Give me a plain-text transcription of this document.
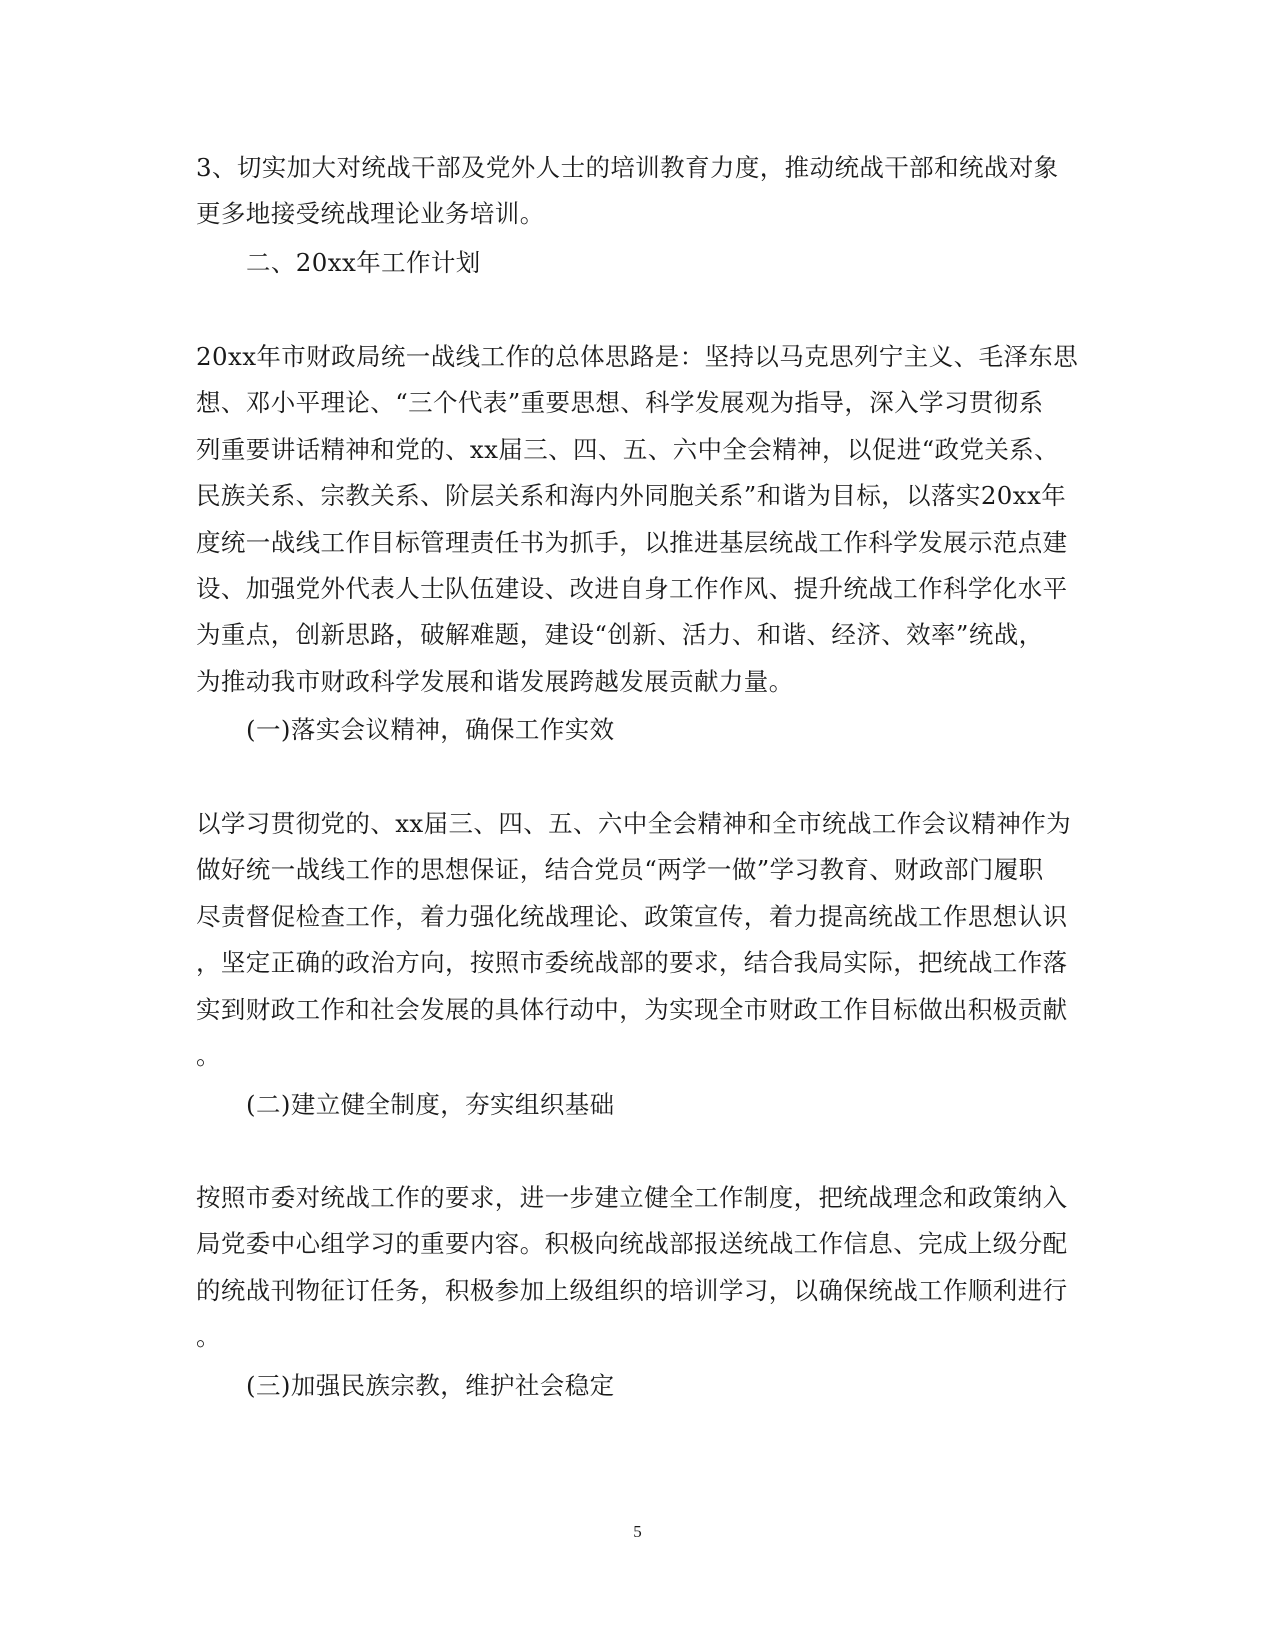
3、切实加大对统战干部及党外人士的培训教育力度，推动统战干部和统战对象
更多地接受统战理论业务培训。
二、20xx年工作计划
20xx年市财政局统一战线工作的总体思路是：坚持以马克思列宁主义、毛泽东思
想、邓小平理论、“三个代表”重要思想、科学发展观为指导，深入学习贯彻系
列重要讲话精神和党的、xx届三、四、五、六中全会精神，以促进“政党关系、
民族关系、宗教关系、阶层关系和海内外同胞关系”和谐为目标，以落实20xx年
度统一战线工作目标管理责任书为抓手，以推进基层统战工作科学发展示范点建
设、加强党外代表人士队伍建设、改进自身工作作风、提升统战工作科学化水平
为重点，创新思路，破解难题，建设“创新、活力、和谐、经济、效率”统战，
为推动我市财政科学发展和谐发展跨越发展贡献力量。
(一)落实会议精神，确保工作实效
以学习贯彻党的、xx届三、四、五、六中全会精神和全市统战工作会议精神作为
做好统一战线工作的思想保证，结合党员“两学一做”学习教育、财政部门履职
尽责督促检查工作，着力强化统战理论、政策宣传，着力提高统战工作思想认识
，坚定正确的政治方向，按照市委统战部的要求，结合我局实际，把统战工作落
实到财政工作和社会发展的具体行动中，为实现全市财政工作目标做出积极贡献
。
(二)建立健全制度，夯实组织基础
按照市委对统战工作的要求，进一步建立健全工作制度，把统战理念和政策纳入
局党委中心组学习的重要内容。积极向统战部报送统战工作信息、完成上级分配
的统战刊物征订任务，积极参加上级组织的培训学习，以确保统战工作顺利进行
。
(三)加强民族宗教，维护社会稳定
5
